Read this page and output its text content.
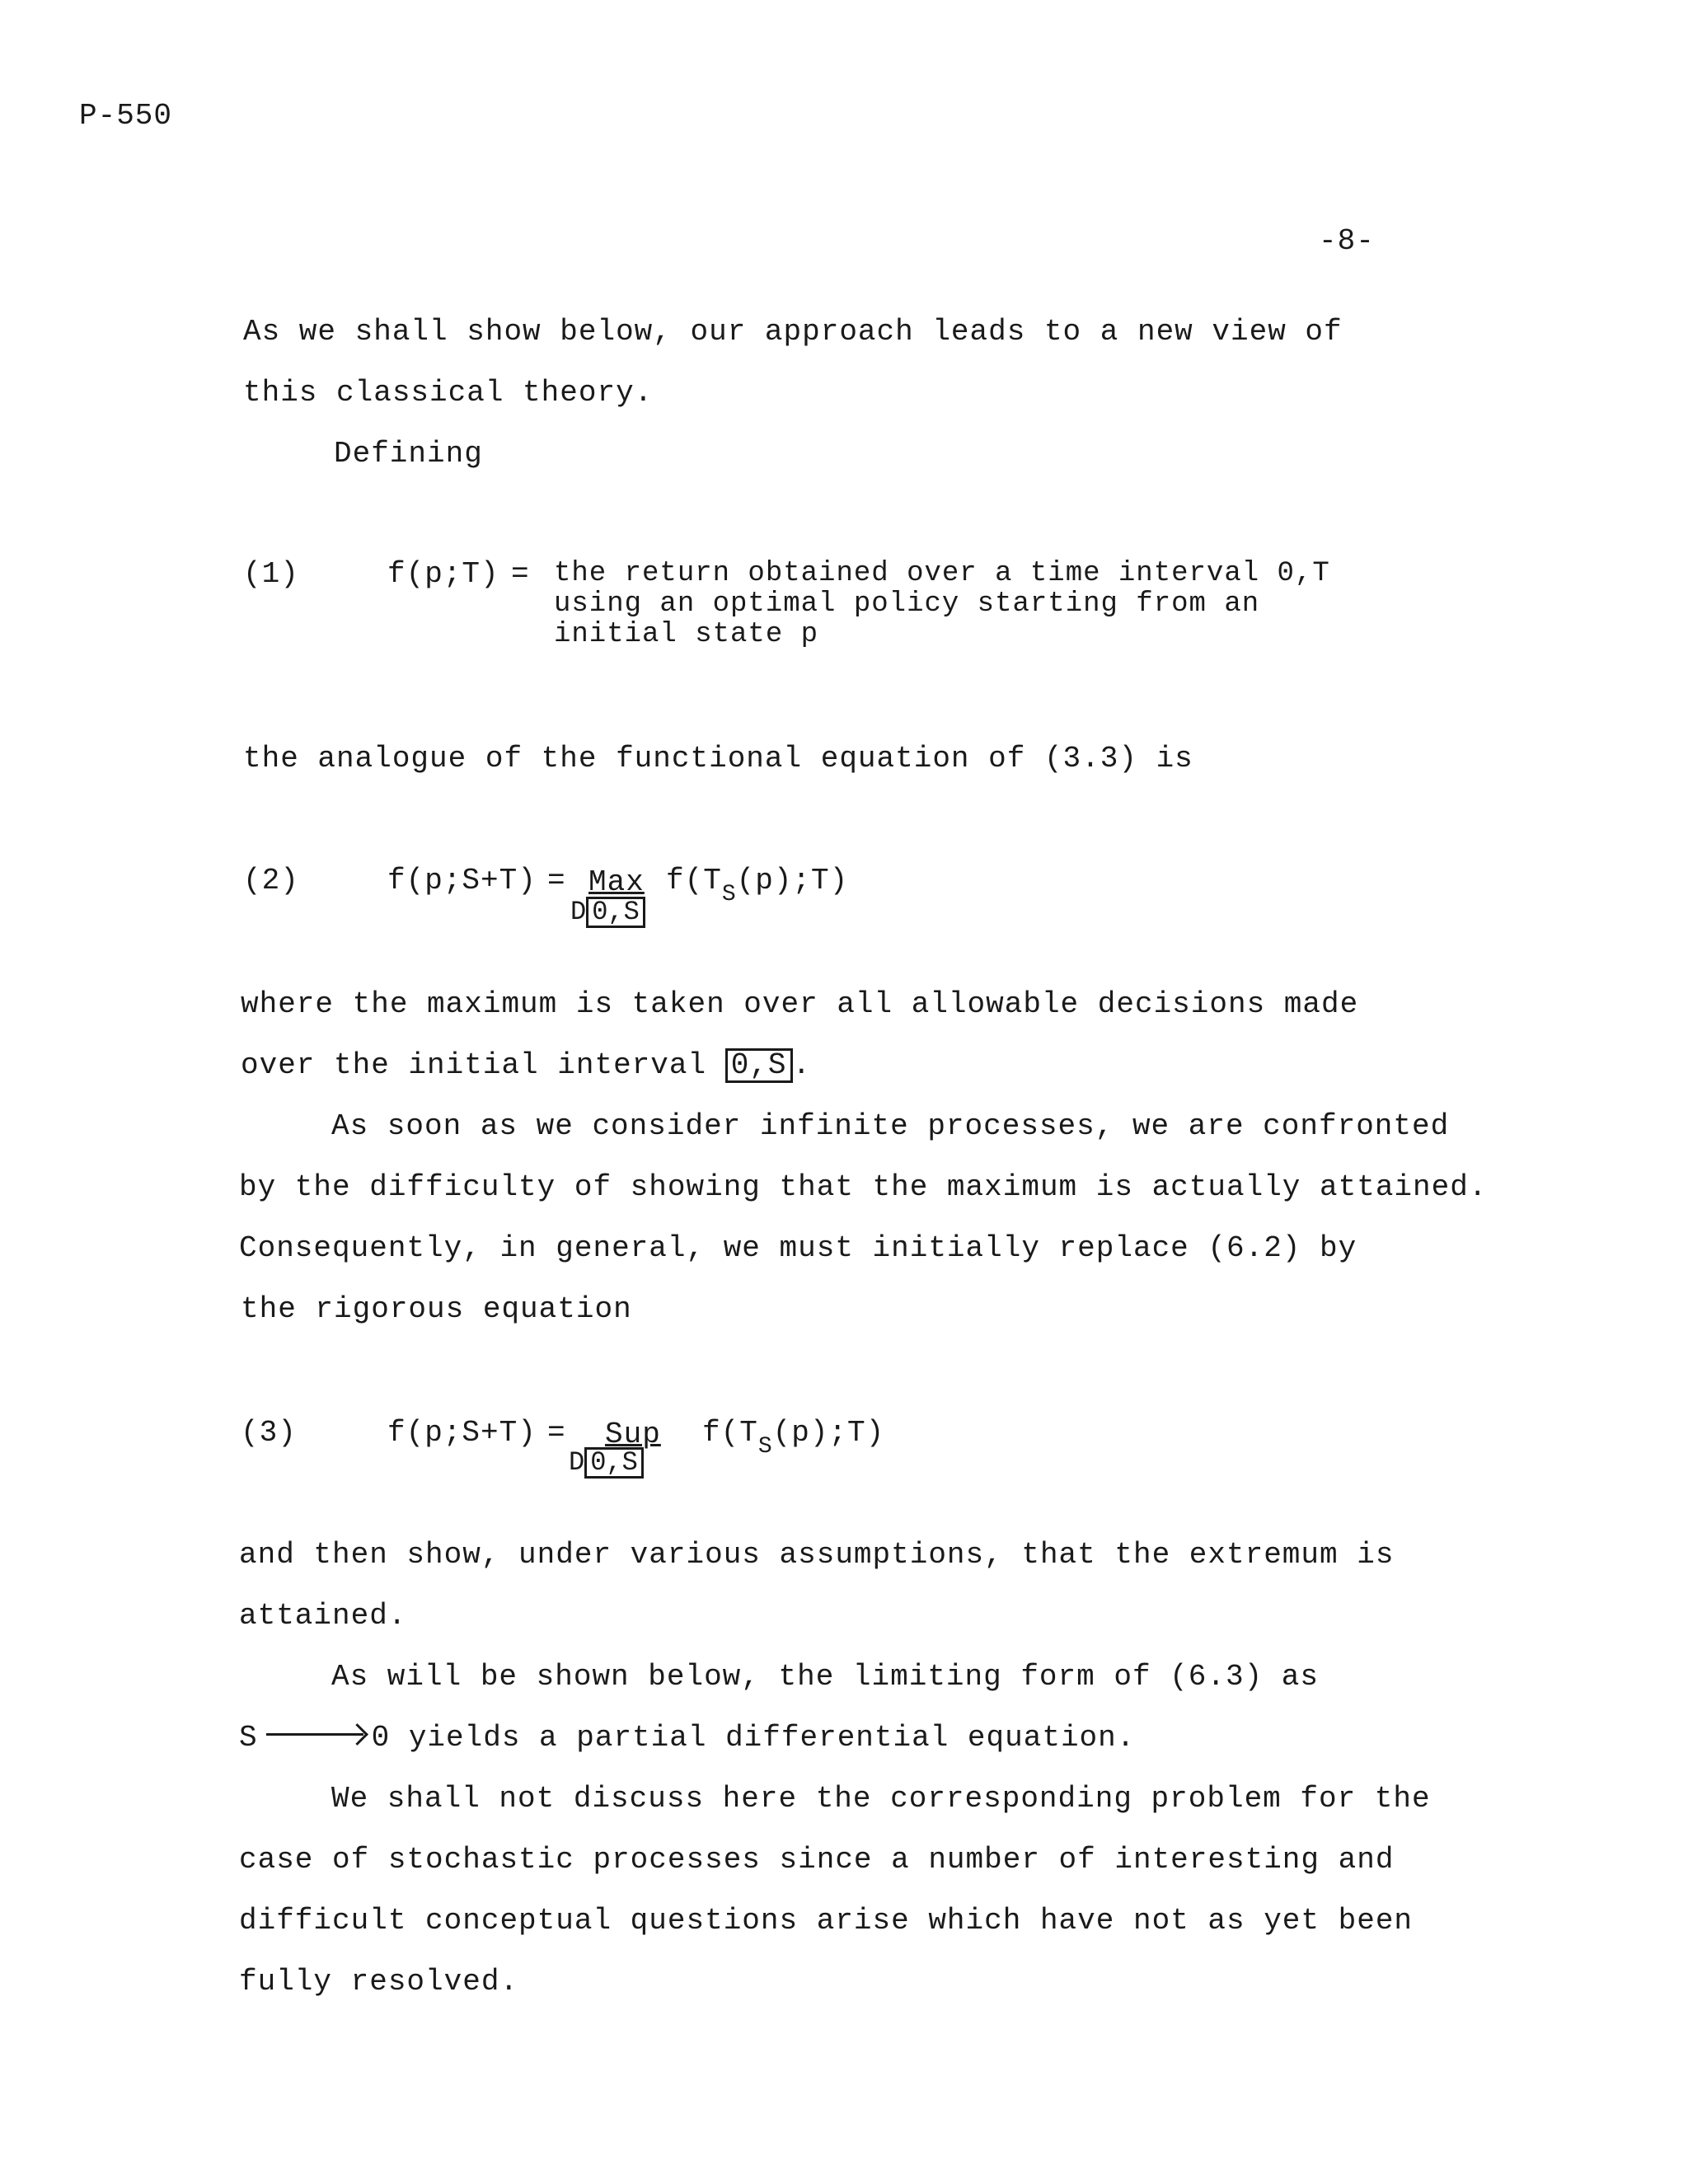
P-550
-8-
As we shall show below, our approach leads to a new view of
this classical theory.
Defining
(1)	f(p;T) = the return obtained over a time interval 0,T
using an optimal policy starting from an
initial state p
the analogue of the functional equation of (3.3) is
(2)	f(p;S+T) = Max $f(T_S(p);T)$
D 0,S
where the maximum is taken over all allowable decisions made
over the initial interval 0,S .
As soon as we consider infinite processes, we are confronted
by the difficulty of showing that the maximum is actually attained.
Consequently, in general, we must initially replace (6.2) by
the rigorous equation
(3)	f(p;S+T) = Sup $f(T_S(p);T)$
D 0,S
and then show, under various assumptions, that the extremum is
attained.
As will be shown below, the limiting form of (6.3) as
S	0 yields a partial differential equation.
We shall not discuss here the corresponding problem for the
case of stochastic processes since a number of interesting and
difficult conceptual questions arise which have not as yet been
fully resolved.
